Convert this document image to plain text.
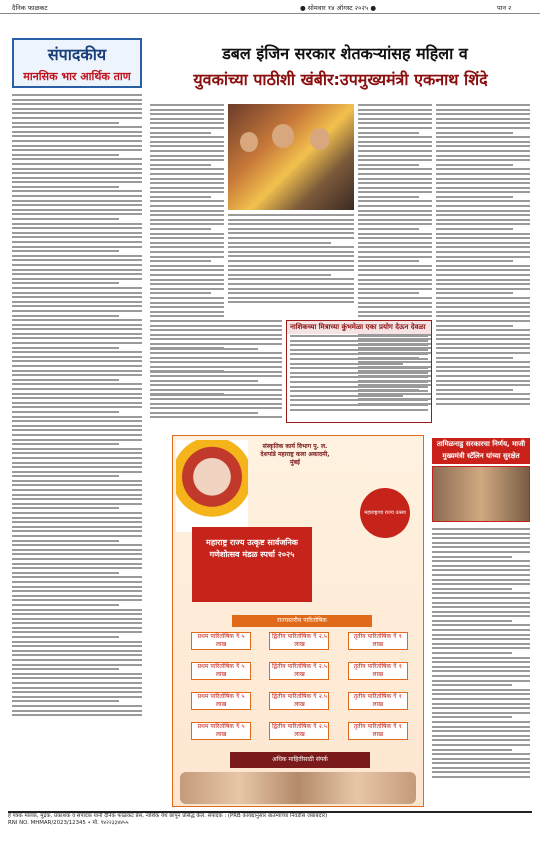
दैनिक फाळकट	● सोमवार १४ ऑगस्ट २०२५ ●	पान २
संपादकीय
मानसिक भार आर्थिक ताण
डबल इंजिन सरकार शेतकऱ्यांसह महिला व
युवकांच्या पाठीशी खंबीर:उपमुख्यमंत्री एकनाथ शिंदे
नाशिकच्या मित्राच्या कुंभमेळा एका प्रयोग देऊन देवळा
तामिळनाडु सरकारचा निर्णय, माजी मुख्यमंत्री स्टॅलिन यांच्या सुरक्षेत
संस्कृतिक कार्य विभाग पु. ल. देशपांडे महाराष्ट्र कला अकादमी, मुंबई
महाराष्ट्राचा राज्य उत्सव
महाराष्ट्र राज्य उत्कृष्ट सार्वजनिक गणेशोत्सव मंडळ स्पर्धा २०२५
राज्यस्तरीय पारितोषिक
प्रथम पारितोषिक ₹ ५ लाख
द्वितीय पारितोषिक ₹ २.५ लाख
तृतीय पारितोषिक ₹ १ लाख
प्रथम पारितोषिक ₹ ५ लाख
द्वितीय पारितोषिक ₹ २.५ लाख
तृतीय पारितोषिक ₹ १ लाख
प्रथम पारितोषिक ₹ ५ लाख
द्वितीय पारितोषिक ₹ २.५ लाख
तृतीय पारितोषिक ₹ १ लाख
प्रथम पारितोषिक ₹ ५ लाख
द्वितीय पारितोषिक ₹ २.५ लाख
तृतीय पारितोषिक ₹ १ लाख
अधिक माहितीसाठी संपर्क
हे पत्रक मालक, मुद्रक, प्रकाशक व संपादक यांनी दैनिक फाळकट प्रेस, नाशिक येथे छापून प्रसिद्ध केले. संपादक : (PRB कायद्यानुसार बातम्यांच्या निवडीस जबाबदार)
RNI NO. MHMAR/2023/12345 • मो. ९४२२३३४४५५
